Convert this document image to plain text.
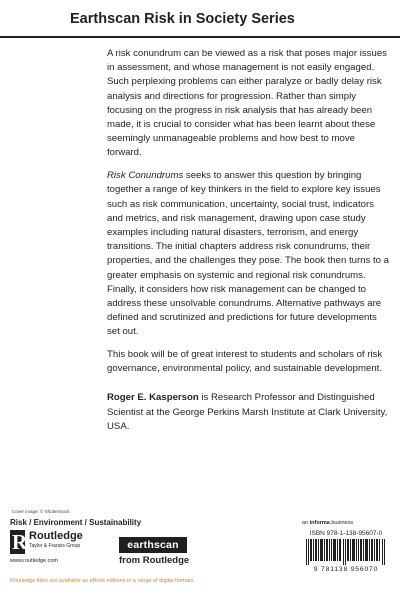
Earthscan Risk in Society Series

A risk conundrum can be viewed as a risk that poses major issues in assessment, and whose management is not easily engaged. Such perplexing problems can either paralyze or badly delay risk analysis and directions for progression. Rather than simply focusing on the progress in risk analysis that has already been made, it is crucial to consider what has been learnt about these seemingly unmanageable problems and how best to move forward.

Risk Conundrums seeks to answer this question by bringing together a range of key thinkers in the field to explore key issues such as risk communication, uncertainty, social trust, indicators and metrics, and risk management, drawing upon case study examples including natural disasters, terrorism, and energy transitions. The initial chapters address risk conundrums, their properties, and the challenges they pose. The book then turns to a greater emphasis on systemic and regional risk conundrums. Finally, it considers how risk management can be changed to address these unsolvable conundrums. Alternative pathways are defined and scrutinized and predictions for future developments set out.

This book will be of great interest to students and scholars of risk governance, environmental policy, and sustainable development.

Roger E. Kasperson is Research Professor and Distinguished Scientist at the George Perkins Marsh Institute at Clark University, USA.

Cover image: © Shutterstock
Risk / Environment / Sustainability	an informa business
R Routledge
Taylor & Francis Group
www.routledge.com
earthscan
from Routledge
ISBN 978-1-138-95607-0
9 781138 956070
Routledge titles are available as eBook editions in a range of digital formats
